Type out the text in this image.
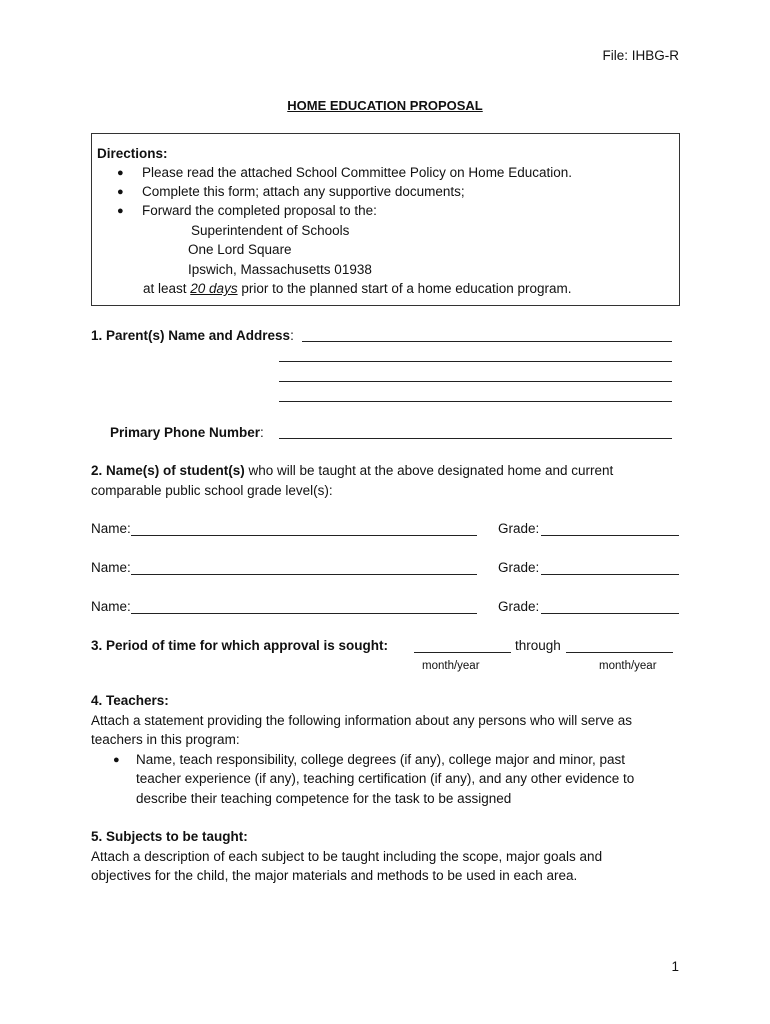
File: IHBG-R
HOME EDUCATION PROPOSAL
Directions:
● Please read the attached School Committee Policy on Home Education.
● Complete this form; attach any supportive documents;
● Forward the completed proposal to the:
Superintendent of Schools
One Lord Square
Ipswich, Massachusetts 01938
at least 20 days prior to the planned start of a home education program.
1. Parent(s) Name and Address:
Primary Phone Number:
2. Name(s) of student(s) who will be taught at the above designated home and current
comparable public school grade level(s):
Name:	Grade:
Name:	Grade:
Name:	Grade:
3. Period of time for which approval is sought:	through
month/year	month/year
4. Teachers:
Attach a statement providing the following information about any persons who will serve as
teachers in this program:
● Name, teach responsibility, college degrees (if any), college major and minor, past
teacher experience (if any), teaching certification (if any), and any other evidence to
describe their teaching competence for the task to be assigned
5. Subjects to be taught:
Attach a description of each subject to be taught including the scope, major goals and
objectives for the child, the major materials and methods to be used in each area.
1
